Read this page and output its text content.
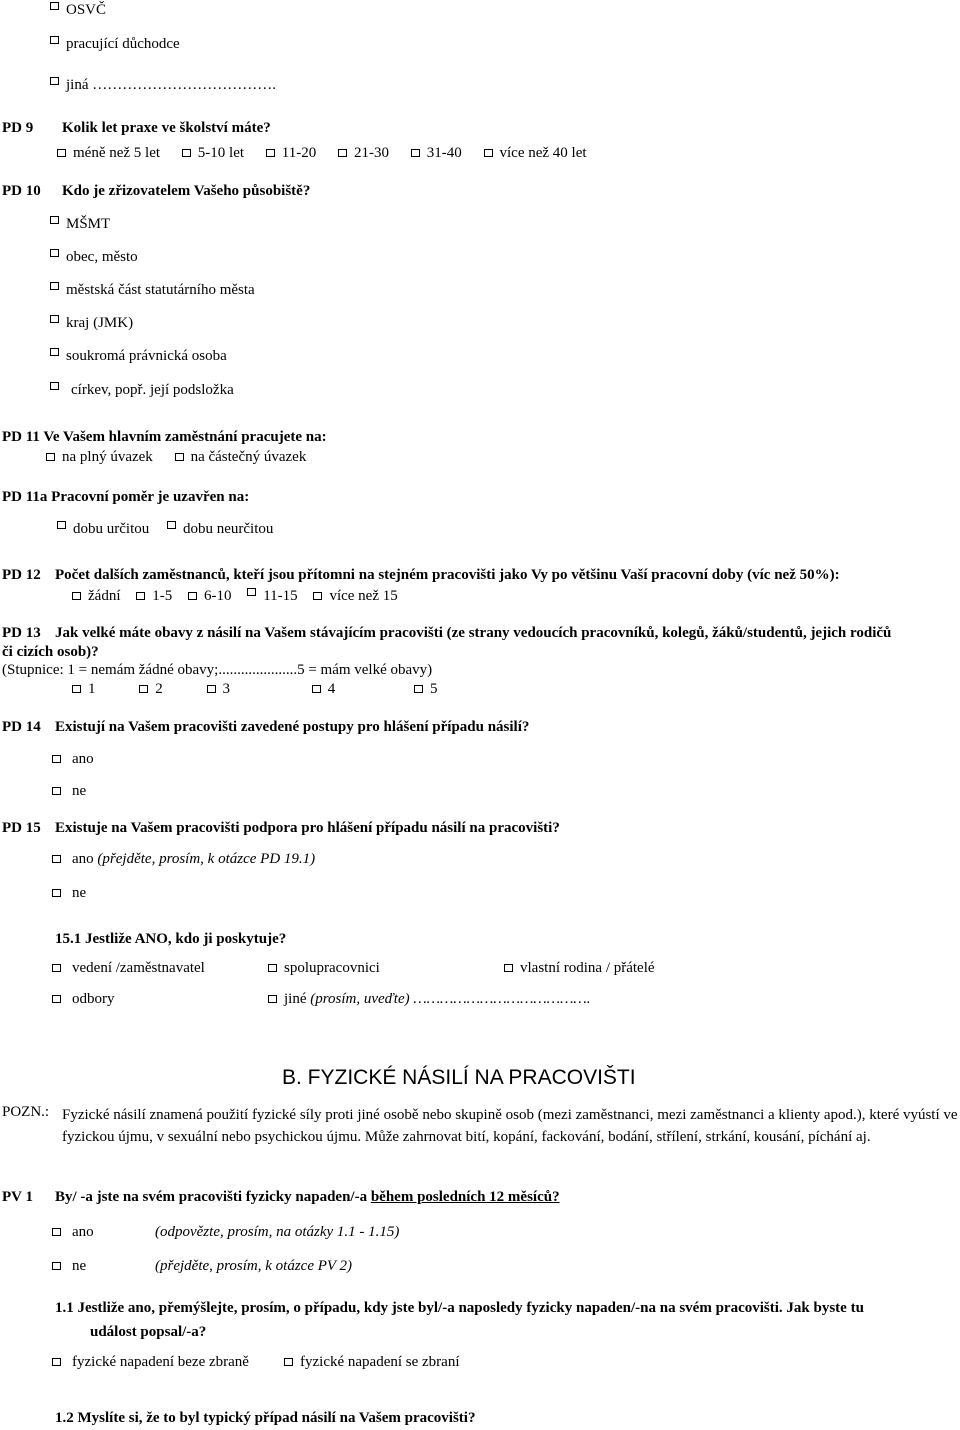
OSVČ
pracující důchodce
jiná ……………………………….
PD 9 Kolik let praxe ve školství máte?
méně než 5 let	5-10 let	11-20	21-30	31-40	více než 40 let
PD 10 Kdo je zřizovatelem Vašeho působiště?
MŠMT
obec, město
městská část statutárního města
kraj (JMK)
soukromá právnická osoba
církev, popř. její podsložka
PD 11 Ve Vašem hlavním zaměstnání pracujete na:
na plný úvazek	na částečný úvazek
PD 11a Pracovní poměr je uzavřen na:
dobu určitou dobu neurčitou
PD 12 Počet dalších zaměstnanců, kteří jsou přítomni na stejném pracovišti jako Vy po většinu Vaší pracovní doby (víc než 50%):
žádní 1-5 6-10 11-15 více než 15
PD 13 Jak velké máte obavy z násilí na Vašem stávajícím pracovišti (ze strany vedoucích pracovníků, kolegů, žáků/studentů, jejich rodičů
či cizích osob)?
(Stupnice: 1 = nemám žádné obavy;.....................5 = mám velké obavy)
1	2	3	4	5
PD 14 Existují na Vašem pracovišti zavedené postupy pro hlášení případu násilí?
ano
ne
PD 15 Existuje na Vašem pracovišti podpora pro hlášení případu násilí na pracovišti?
ano (přejděte, prosím, k otázce PD 19.1)
ne
15.1 Jestliže ANO, kdo ji poskytuje?
vedení /zaměstnavatel	spolupracovnici	vlastní rodina / přátelé
odbory	jiné (prosím, uveďte) ………………………………….
B. FYZICKÉ NÁSILÍ NA PRACOVIŠTI
POZN.: Fyzické násilí znamená použití fyzické síly proti jiné osobě nebo skupině osob (mezi zaměstnanci, mezi zaměstnanci a klienty apod.), které vyústí ve fyzickou újmu, v sexuální nebo psychickou újmu. Může zahrnovat bití, kopání, fackování, bodání, střílení, strkání, kousání, píchání aj.
PV 1 By/ -a jste na svém pracovišti fyzicky napaden/-a během posledních 12 měsíců?
ano	(odpovězte, prosím, na otázky 1.1 - 1.15)
ne	(přejděte, prosím, k otázce PV 2)
1.1 Jestliže ano, přemýšlejte, prosím, o případu, kdy jste byl/-a naposledy fyzicky napaden/-na na svém pracovišti. Jak byste tu
událost popsal/-a?
fyzické napadení beze zbraně	fyzické napadení se zbraní
1.2 Myslíte si, že to byl typický případ násilí na Vašem pracovišti?
